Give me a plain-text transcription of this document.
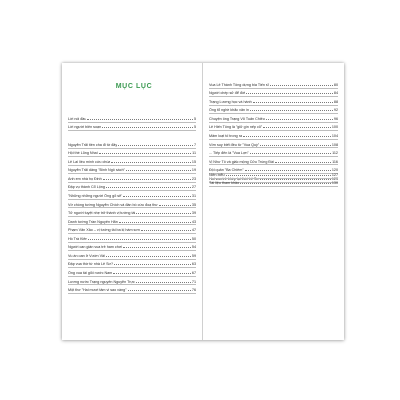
MỤC LỤC
Lời nói đầu	5
Lời người biên soạn	5
Nguyễn Trãi tiền cha đi tứ đây	7
Hội thề Lũng Nhai	11
Lê Lai liều mình cứu chúa	15
Nguyễn Trãi dâng "Bình Ngô sách"	19
Anh em nhà họ Đinh	23
Đập vụ thành Cổ Lộng	27
"Những những người Ông gỗ sẽ"	31
Vờ chồng tướng Nguyễn Chích và đàn bò cừu đoạ thư	35
Tử người tuyệt nhẹ trở thành vị tướng tài	39
Danh tướng Trần Nguyên Hãn	43
Phạm Văn Xảo – vị tướng tài ba kị hàm sơn	47
Hồ Trà Kiên	50
Người can gián vua trẻ ham chơi	54
Vu án oan ở Vườn Vải	59
Đập vua thờ từ nhà Lê Sơ?	63
Ông vua tài giỏi nước Nam	67
Lương nước Trạng nguyên Nguyễn Trực	71
Một thơ "Hai mươi tâm vi sao vàng"	76
Vua Lê Thánh Tông dựng bia Tiến sĩ	80
Người chép sử để đời	84
Trạng Lương học và hành	88
Ông tổ nghề khắc văn in	92
Chuyện ông Trạng Võ Tuấn Chiêu	96
Lê Hiến Tông là "giữ gìn nếp cũ"	100
Mâm loạt tố trong ra	104
Vờn suy biết đều từ "Vua Quỷ"	108
... Tiếp đến là "Vua Lợn"	112
Vị Như Tô và giấc mộng Cửu Trùng Đài	116
Đội quân "Ba Chiêm"	120
Hai vua trẻ khép lại thời Lê Sơ	123
Niên biểu	127
Tài liệu tham khảo	130
